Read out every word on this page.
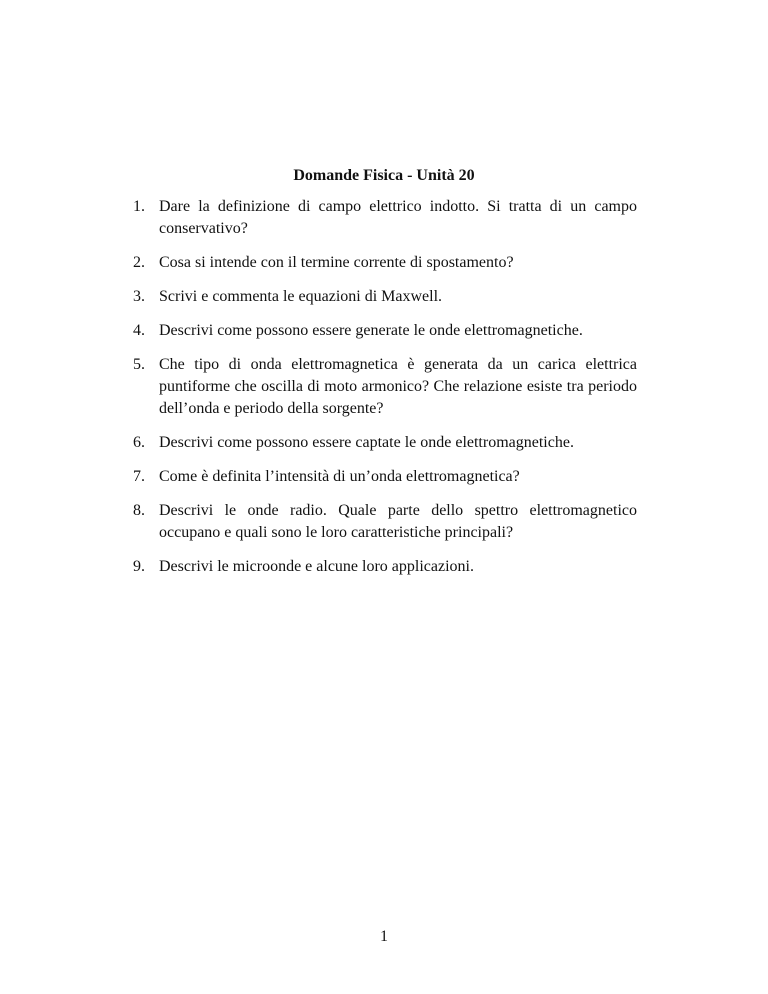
Domande Fisica - Unità 20
1. Dare la definizione di campo elettrico indotto. Si tratta di un campo conservativo?
2. Cosa si intende con il termine corrente di spostamento?
3. Scrivi e commenta le equazioni di Maxwell.
4. Descrivi come possono essere generate le onde elettromagnetiche.
5. Che tipo di onda elettromagnetica è generata da un carica elettrica puntiforme che oscilla di moto armonico? Che relazione esiste tra periodo dell’onda e periodo della sorgente?
6. Descrivi come possono essere captate le onde elettromagnetiche.
7. Come è definita l’intensità di un’onda elettromagnetica?
8. Descrivi le onde radio. Quale parte dello spettro elettromagnetico occupano e quali sono le loro caratteristiche principali?
9. Descrivi le microonde e alcune loro applicazioni.
1
